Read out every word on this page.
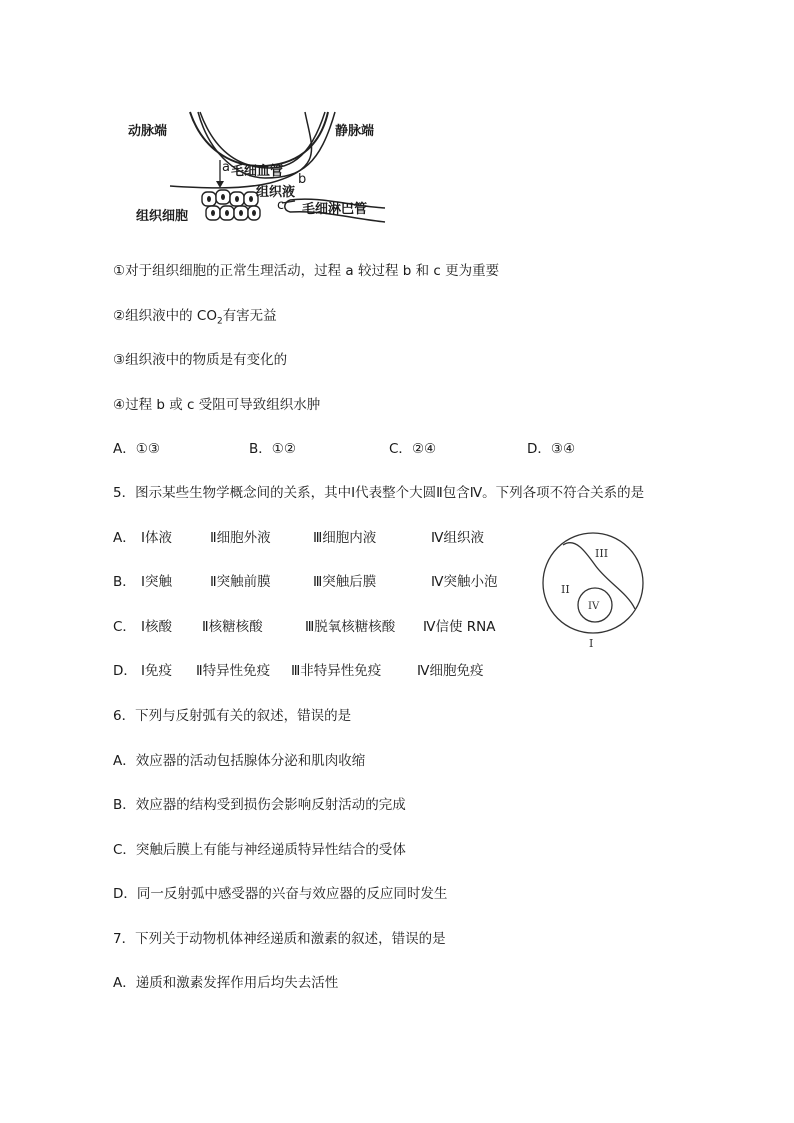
动脉端	静脉端
a 毛细血管
b
组织液
c 毛细淋巴管
组织细胞
①对于组织细胞的正常生理活动，过程 a 较过程 b 和 c 更为重要
②组织液中的 $CO_2$有害无益
③组织液中的物质是有变化的
④过程 b 或 c 受阻可导致组织水肿
A．①③	B．①②	C．②④	D．③④
5．图示某些生物学概念间的关系，其中Ⅰ代表整个大圆Ⅱ包含Ⅳ。下列各项不符合关系的是
A． Ⅰ体液	Ⅱ细胞外液	Ⅲ细胞内液	Ⅳ组织液
B． Ⅰ突触	Ⅱ突触前膜	Ⅲ突触后膜	Ⅳ突触小泡
C． Ⅰ核酸 Ⅱ核糖核酸	Ⅲ脱氧核糖核酸 Ⅳ信使 RNA
D． Ⅰ免疫 Ⅱ特异性免疫 Ⅲ非特异性免疫	Ⅳ细胞免疫
III
II
IV
I
6．下列与反射弧有关的叙述，错误的是
A．效应器的活动包括腺体分泌和肌肉收缩
B．效应器的结构受到损伤会影响反射活动的完成
C．突触后膜上有能与神经递质特异性结合的受体
D．同一反射弧中感受器的兴奋与效应器的反应同时发生
7．下列关于动物机体神经递质和激素的叙述，错误的是
A．递质和激素发挥作用后均失去活性
